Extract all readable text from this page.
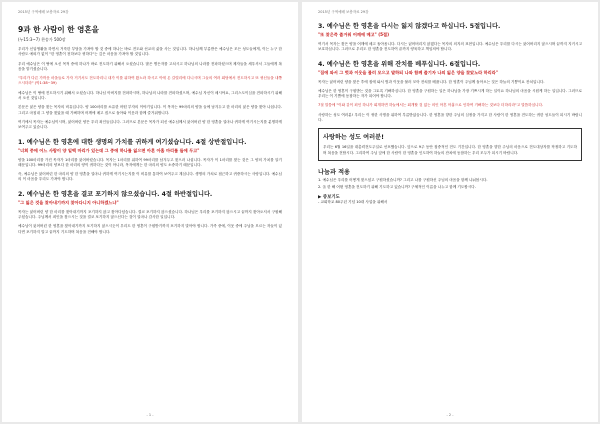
2015년 구역예배 보충자료 29강
9과 한 사람이 한 영혼을
(누15:3~7) 찬송가 500장

우리가 신앙생활을 하면서 거룩한 부담을 가져야 할 것 중에 하나는 바로 전도와 선교의 삶을 사는 것입니다. 하나님께 부름받은 예수님은 모든 성도들에게, 이는 누구 한 사람도 예외가 없이 "한 영혼이 천하보다 귀하다"는 깊은 마음을 가져야 할 것입니다.

우리 예수님은 이 땅에 오신 목적 중에 하나가 바로 전도하기 위해서 오셨습니다. 많은 병든자를 고치시고 하나님의 나라를 전파하셨으며 제자들을 세우셔서 그들에게 복음을 맡기셨습니다.

"우리가 다른 가까운 마을들로 가자 거기서도 전도하리니 내가 이를 위하여 왔노라 하시고 이에 온 갈릴리에 다니시며 그들의 여러 회당에서 전도하시고 또 귀신들을 내쫓으시더라" (막1:38~39)

예수님은 이 땅에 전도하시기 위해서 오셨습니다. 하나님 아버지를 전파하시며, 하나님의 나라를 전파하셨으며, 예수님 자신이 메시야요, 그리스도이심을 전파하시기 위해서 오신 것입니다.

본문은 잃은 양을 찾는 목자의 비유입니다. 양 100마리를 소유한 어떤 부자의 이야기입니다. 이 목자는 99마리의 양을 들에 남겨두고 한 마리의 잃은 양을 찾아 나섭니다. 그리고 마침내 그 양을 찾았을 때 기뻐하며 어깨에 메고 집으로 돌아와 이웃과 함께 즐거워합니다.

여기에서 목자는 예수님이시며, 잃어버린 양은 우리 죄인들입니다. 그러므로 본문은 목자가 되신 예수님께서 잃어버린 양 한 영혼을 얼마나 귀하게 여기시는지를 분명하게 보여주고 있습니다.

1. 예수님은 한 영혼에 대한 생명의 가치를 귀하게 여기셨습니다. 4절 상반절입니다.
"너희 중에 어느 사람이 양 일백 마리가 있는데 그 중에 하나를 잃으면 아흔 아홉 마리를 들에 두고"

양을 100마리를 가진 목자가 1마리를 잃어버렸습니다. 목자는 1마리를 위하여 99마리를 남겨두고 찾으러 나섭니다. 목자가 이 1마리를 찾는 것은 그 양의 가치를 알기 때문입니다. 99마리의 양보다 한 마리의 양이 귀하다는 것이 아니라, 목자에게는 한 마리의 양도 소중하기 때문입니다.

즉, 예수님은 잃어버린 한 마리의 양 한 영혼을 얼마나 귀하게 여기시는지를 이 비유를 통하여 보여주고 계십니다. 생명의 가치로 접근하고 귀중하시는 사랑입니다. 예수님의 이 마음을 우리도 가져야 합니다.

2. 예수님은 한 영혼을 결코 포기하지 않으셨습니다. 4절 하반절입니다.
"그 잃은 것을 찾아내기까지 찾아다니지 아니하겠느냐"

목자는 잃어버린 양 한 마리를 찾아내기까지 포기하지 않고 찾아다녔습니다. 결코 포기하지 않으셨습니다. 하나님은 우리를 포기하지 않으시고 끝까지 찾아오셔서 구원해 주셨습니다. 주님께서 죄인을 찾으시는 것을 결코 포기하지 않으신다는 것이 얼마나 감사한 일입니다.

예수님이 잃어버린 한 영혼을 찾아내기까지 포기하지 않으시듯이 우리도 한 영혼이 구원받기까지 포기하지 말아야 합니다. 가족 중에, 이웃 중에 주님을 모르는 자들이 있다면 포기하지 말고 끝까지 기도하며 복음을 전해야 합니다.

- 1 -
2015년 구역예배 보충자료 29강
3. 예수님은 한 영혼을 다시는 잃지 않겠다고 하십니다. 5절입니다.
"또 찾은즉 즐거워 어깨에 메고" (5절)

여기서 목자는 찾은 양을 어깨에 메고 돌아옵니다. 다시는 잃어버리지 않겠다는 목자의 의지의 표현입니다. 예수님은 우리를 다시는 잃어버리지 않으시며 끝까지 지키시고 보호하십니다. 그러므로 우리도 한 영혼을 전도하여 끝까지 양육하고 책임져야 합니다.

4. 예수님은 한 영혼을 위해 잔치를 베푸십니다. 6절입니다.
"집에 와서 그 벗과 이웃을 불러 모으고 말하되 나와 함께 즐기자 나의 잃은 양을 찾았노라 하리라"

목자는 잃어버린 양을 찾은 후에 집에 와서 벗과 이웃을 불러 모아 잔치를 베풉니다. 한 영혼이 주님께 돌아오는 것은 하늘의 기쁨이요 잔치입니다.

예수님은 한 영혼이 구원받는 것을 그토록 기뻐하십니다. 한 영혼을 구원하는 일은 하나님을 가장 기쁘시게 하는 일이요 하나님의 마음을 시원케 하는 일입니다. 그러므로 우리는 이 기쁨에 동참하는 자가 되어야 합니다.

7절 말씀에 "이와 같이 죄인 하나가 회개하면 하늘에서는 회개할 것 없는 의인 아흔 아홉으로 인하여 기뻐하는 것보다 더하리라"고 말씀하십니다.

사랑하는 성도 여러분! 우리는 이 귀한 사명을 위하여 부름받았습니다. 한 영혼을 향한 주님의 심정을 가지고 한 사람이 한 영혼을 전도하는 귀한 성도들이 되시기 바랍니다.

사랑하는 성도 여러분!

우리는 6월 16일을 대총력전도주일로 선포했습니다. 앞으로 9주 동안 집중적인 전도 기간입니다. 한 영혼을 향한 주님의 마음으로 전도대상자를 작정하고 기도하며 복음을 전합시다. 그리하여 주님 앞에 한 사람이 한 영혼을 인도하여 하늘의 잔치에 동참하는 우리 모두가 되시기 바랍니다.

나눔과 적용
1. 예수님은 우리를 어떻게 찾으셨고 구원하셨습니까? 그리고 나를 구원하신 주님의 마음을 함께 나눠봅시다.
2. 올 한 해 어떤 영혼을 전도하기 위해 기도하고 있습니까? 구체적인 이름을 나누고 함께 기도합시다.
▶ 중보기도
- 교회학교 80주년 기념 10대 사업을 위해서
- 2 -
